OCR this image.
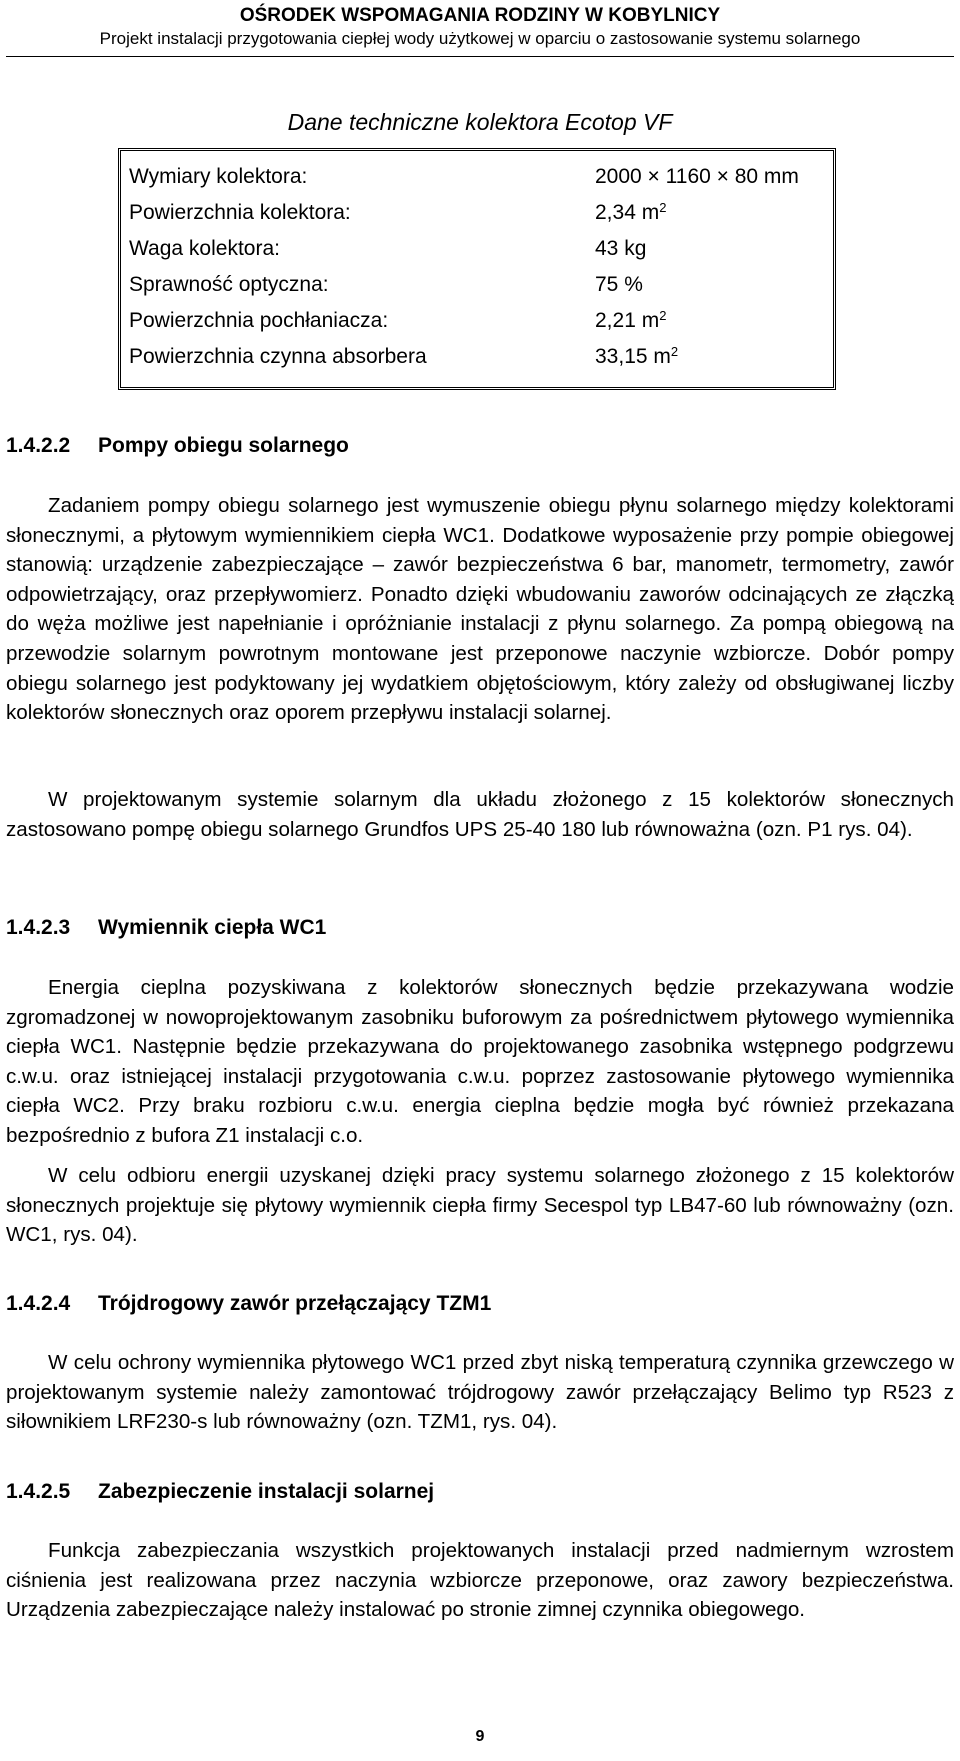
OŚRODEK WSPOMAGANIA RODZINY W KOBYLNICY
Projekt instalacji przygotowania ciepłej wody użytkowej w oparciu o zastosowanie systemu solarnego
Dane techniczne kolektora Ecotop VF
Wymiary kolektora:	2000 × 1160 × 80 mm
Powierzchnia kolektora:	2,34 $m^2$
Waga kolektora:	43 kg
Sprawność optyczna:	75 %
Powierzchnia pochłaniacza:	2,21 $m^2$
Powierzchnia czynna absorbera	33,15 $m^2$
1.4.2.2 Pompy obiegu solarnego
Zadaniem pompy obiegu solarnego jest wymuszenie obiegu płynu solarnego między kolektorami słonecznymi, a płytowym wymiennikiem ciepła WC1. Dodatkowe wyposażenie przy pompie obiegowej stanowią: urządzenie zabezpieczające – zawór bezpieczeństwa 6 bar, manometr, termometry, zawór odpowietrzający, oraz przepływomierz. Ponadto dzięki wbudowaniu zaworów odcinających ze złączką do węża możliwe jest napełnianie i opróżnianie instalacji z płynu solarnego. Za pompą obiegową na przewodzie solarnym powrotnym montowane jest przeponowe naczynie wzbiorcze. Dobór pompy obiegu solarnego jest podyktowany jej wydatkiem objętościowym, który zależy od obsługiwanej liczby kolektorów słonecznych oraz oporem przepływu instalacji solarnej.
W projektowanym systemie solarnym dla układu złożonego z 15 kolektorów słonecznych zastosowano pompę obiegu solarnego Grundfos UPS 25-40 180 lub równoważna (ozn. P1 rys. 04).
1.4.2.3 Wymiennik ciepła WC1
Energia cieplna pozyskiwana z kolektorów słonecznych będzie przekazywana wodzie zgromadzonej w nowoprojektowanym zasobniku buforowym za pośrednictwem płytowego wymiennika ciepła WC1. Następnie będzie przekazywana do projektowanego zasobnika wstępnego podgrzewu c.w.u. oraz istniejącej instalacji przygotowania c.w.u. poprzez zastosowanie płytowego wymiennika ciepła WC2. Przy braku rozbioru c.w.u. energia cieplna będzie mogła być również przekazana bezpośrednio z bufora Z1 instalacji c.o.
W celu odbioru energii uzyskanej dzięki pracy systemu solarnego złożonego z 15 kolektorów słonecznych projektuje się płytowy wymiennik ciepła firmy Secespol typ LB47-60 lub równoważny (ozn. WC1, rys. 04).
1.4.2.4 Trójdrogowy zawór przełączający TZM1
W celu ochrony wymiennika płytowego WC1 przed zbyt niską temperaturą czynnika grzewczego w projektowanym systemie należy zamontować trójdrogowy zawór przełączający Belimo typ R523 z siłownikiem LRF230-s lub równoważny (ozn. TZM1, rys. 04).
1.4.2.5 Zabezpieczenie instalacji solarnej
Funkcja zabezpieczania wszystkich projektowanych instalacji przed nadmiernym wzrostem ciśnienia jest realizowana przez naczynia wzbiorcze przeponowe, oraz zawory bezpieczeństwa. Urządzenia zabezpieczające należy instalować po stronie zimnej czynnika obiegowego.
9
